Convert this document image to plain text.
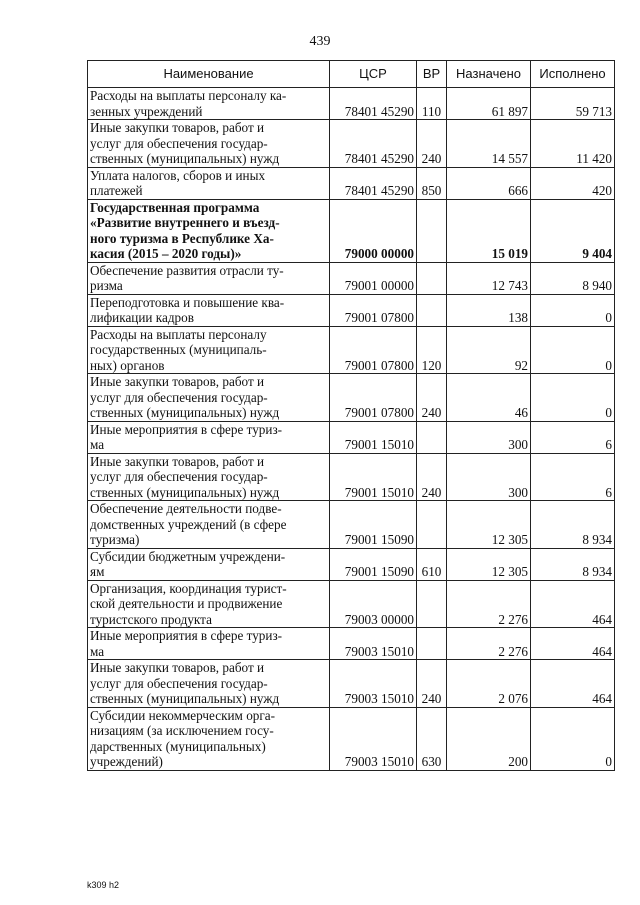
439
Наименование	ЦСР	ВР	Назначено	Исполнено

Расходы на выплаты персоналу ка-
зенных учреждений	78401 45290	110	61 897	59 713

Иные закупки товаров, работ и
услуг для обеспечения государ-
ственных (муниципальных) нужд	78401 45290	240	14 557	11 420

Уплата налогов, сборов и иных
платежей	78401 45290	850	666	420

Государственная программа
«Развитие внутреннего и въезд-
ного туризма в Республике Ха-
касия (2015 – 2020 годы)»	79000 00000		15 019	9 404

Обеспечение развития отрасли ту-
ризма	79001 00000		12 743	8 940

Переподготовка и повышение ква-
лификации кадров	79001 07800		138	0

Расходы на выплаты персоналу
государственных (муниципаль-
ных) органов	79001 07800	120	92	0

Иные закупки товаров, работ и
услуг для обеспечения государ-
ственных (муниципальных) нужд	79001 07800	240	46	0

Иные мероприятия в сфере туриз-
ма	79001 15010		300	6

Иные закупки товаров, работ и
услуг для обеспечения государ-
ственных (муниципальных) нужд	79001 15010	240	300	6

Обеспечение деятельности подве-
домственных учреждений (в сфере
туризма)	79001 15090		12 305	8 934

Субсидии бюджетным учреждени-
ям	79001 15090	610	12 305	8 934

Организация, координация турист-
ской деятельности и продвижение
туристского продукта	79003 00000		2 276	464

Иные мероприятия в сфере туриз-
ма	79003 15010		2 276	464

Иные закупки товаров, работ и
услуг для обеспечения государ-
ственных (муниципальных) нужд	79003 15010	240	2 076	464

Субсидии некоммерческим орга-
низациям (за исключением госу-
дарственных (муниципальных)
учреждений)	79003 15010	630	200	0
k309 h2
